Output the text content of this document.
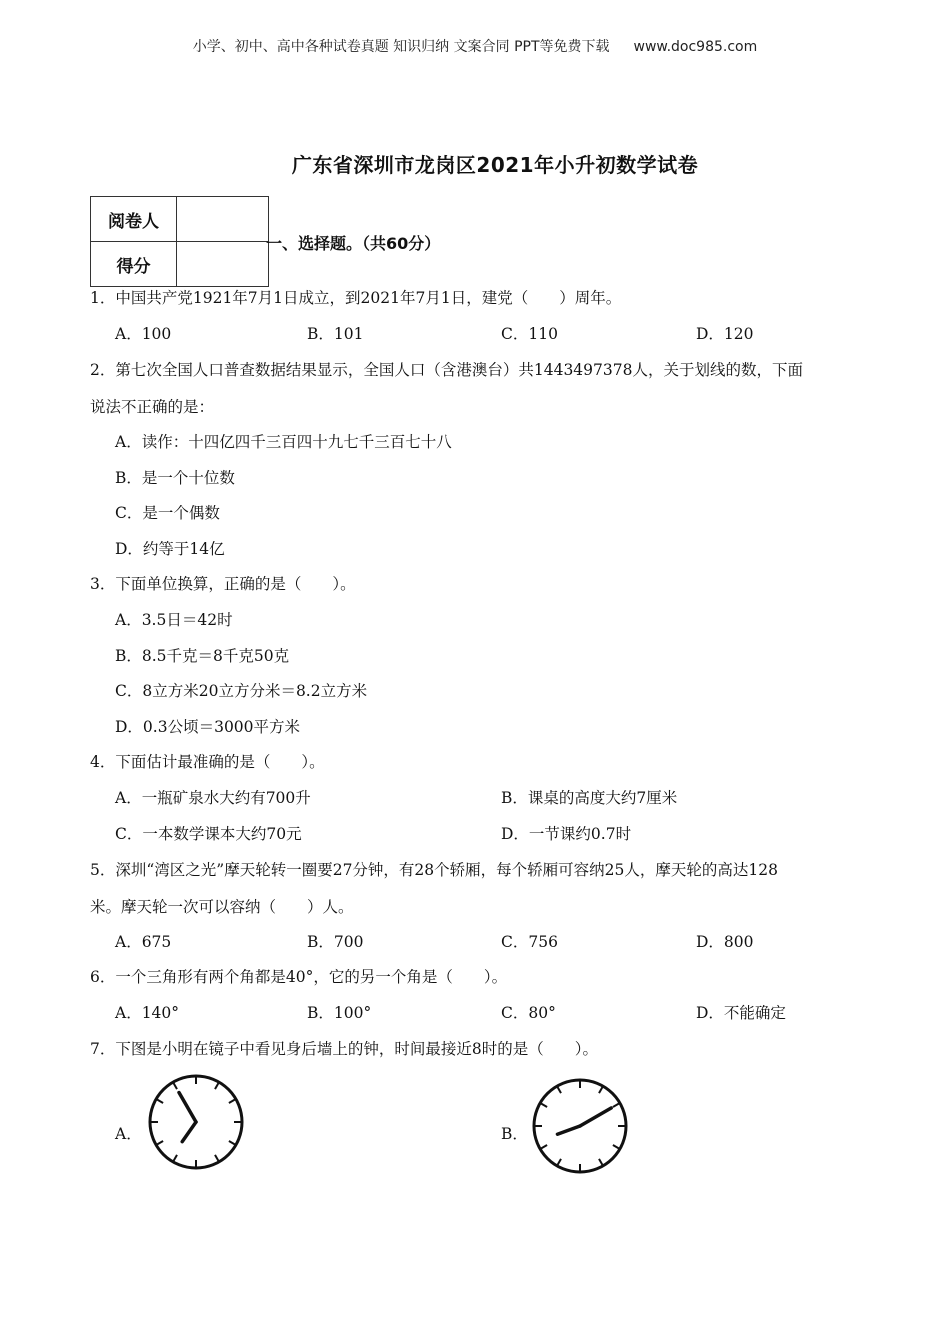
小学、初中、高中各种试卷真题 知识归纳 文案合同 PPT等免费下载 www.doc985.com
广东省深圳市龙岗区2021年小升初数学试卷
阅卷人	
得分	
一、选择题。（共60分）
1．中国共产党1921年7月1日成立，到2021年7月1日，建党（　　）周年。
A．100	B．101	C．110	D．120
2．第七次全国人口普查数据结果显示，全国人口（含港澳台）共1443497378人，关于划线的数，下面
说法不正确的是：
A．读作：十四亿四千三百四十九七千三百七十八
B．是一个十位数
C．是一个偶数
D．约等于14亿
3．下面单位换算，正确的是（　　）。
A．3.5日＝42时
B．8.5千克＝8千克50克
C．8立方米20立方分米＝8.2立方米
D．0.3公顷＝3000平方米
4．下面估计最准确的是（　　）。
A．一瓶矿泉水大约有700升	B．课桌的高度大约7厘米
C．一本数学课本大约70元	D．一节课约0.7时
5．深圳“湾区之光”摩天轮转一圈要27分钟，有28个轿厢，每个轿厢可容纳25人，摩天轮的高达128
米。摩天轮一次可以容纳（　　）人。
A．675	B．700	C．756	D．800
6．一个三角形有两个角都是40°，它的另一个角是（　　）。
A．140°	B．100°	C．80°	D．不能确定
7．下图是小明在镜子中看见身后墙上的钟，时间最接近8时的是（　　）。
A．	B．
